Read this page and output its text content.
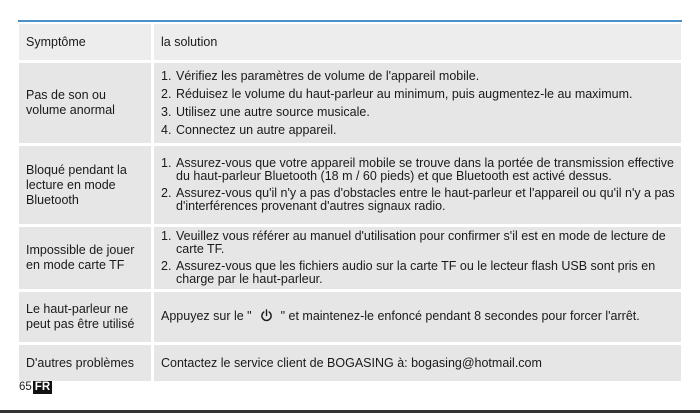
Symptôme	la solution
Pas de son ou volume anormal
1. Vérifiez les paramètres de volume de l'appareil mobile.
2. Réduisez le volume du haut-parleur au minimum, puis augmentez-le au maximum.
3. Utilisez une autre source musicale.
4. Connectez un autre appareil.
Bloqué pendant la lecture en mode Bluetooth
1. Assurez-vous que votre appareil mobile se trouve dans la portée de transmission effective du haut-parleur Bluetooth (18 m / 60 pieds) et que Bluetooth est activé dessus.
2. Assurez-vous qu'il n'y a pas d'obstacles entre le haut-parleur et l'appareil ou qu'il n'y a pas d'interférences provenant d'autres signaux radio.
Impossible de jouer en mode carte TF
1. Veuillez vous référer au manuel d'utilisation pour confirmer s'il est en mode de lecture de carte TF.
2. Assurez-vous que les fichiers audio sur la carte TF ou le lecteur flash USB sont pris en charge par le haut-parleur.
Le haut-parleur ne peut pas être utilisé
Appuyez sur le " " et maintenez-le enfoncé pendant 8 secondes pour forcer l'arrêt.
D'autres problèmes	Contactez le service client de BOGASING à: bogasing@hotmail.com
65 FR
